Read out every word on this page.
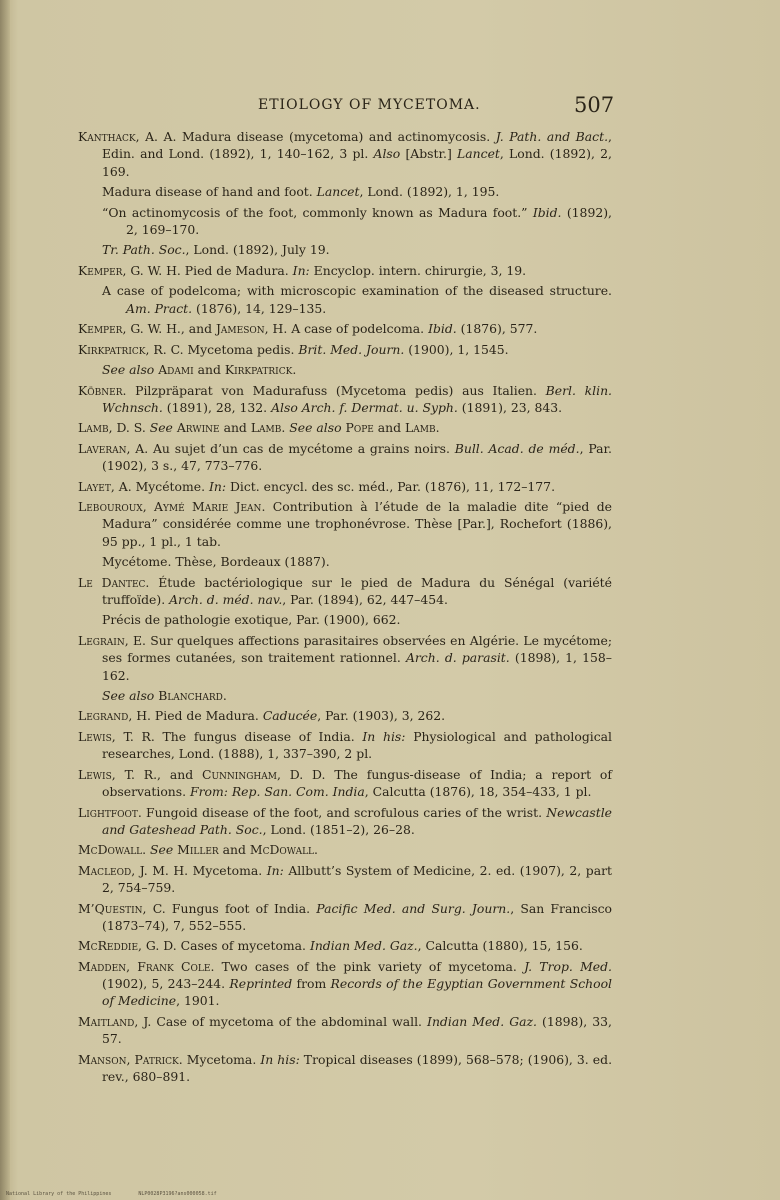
ETIOLOGY OF MYCETOMA.	507

Kanthack, A. A. Madura disease (mycetoma) and actinomycosis. J. Path. and Bact., Edin. and Lond. (1892), 1, 140–162, 3 pl. Also [Abstr.] Lancet, Lond. (1892), 2, 169.

Madura disease of hand and foot. Lancet, Lond. (1892), 1, 195.

“On actinomycosis of the foot, commonly known as Madura foot.” Ibid. (1892), 2, 169–170.

Tr. Path. Soc., Lond. (1892), July 19.

Kemper, G. W. H. Pied de Madura. In: Encyclop. intern. chirurgie, 3, 19.

A case of podelcoma; with microscopic examination of the diseased structure. Am. Pract. (1876), 14, 129–135.

Kemper, G. W. H., and Jameson, H. A case of podelcoma. Ibid. (1876), 577.

Kirkpatrick, R. C. Mycetoma pedis. Brit. Med. Journ. (1900), 1, 1545.

See also Adami and Kirkpatrick.

Köbner. Pilzpräparat von Madurafuss (Mycetoma pedis) aus Italien. Berl. klin. Wchnsch. (1891), 28, 132. Also Arch. f. Dermat. u. Syph. (1891), 23, 843.

Lamb, D. S. See Arwine and Lamb. See also Pope and Lamb.

Laveran, A. Au sujet d’un cas de mycétome a grains noirs. Bull. Acad. de méd., Par. (1902), 3 s., 47, 773–776.

Layet, A. Mycétome. In: Dict. encycl. des sc. méd., Par. (1876), 11, 172–177.

Lebouroux, Aymé Marie Jean. Contribution à l’étude de la maladie dite “pied de Madura” considérée comme une trophonévrose. Thèse [Par.], Rochefort (1886), 95 pp., 1 pl., 1 tab.

Mycétome. Thèse, Bordeaux (1887).

Le Dantec. Étude bactériologique sur le pied de Madura du Sénégal (variété truffoïde). Arch. d. méd. nav., Par. (1894), 62, 447–454.

Précis de pathologie exotique, Par. (1900), 662.

Legrain, E. Sur quelques affections parasitaires observées en Algérie. Le mycétome; ses formes cutanées, son traitement rationnel. Arch. d. parasit. (1898), 1, 158–162.

See also Blanchard.

Legrand, H. Pied de Madura. Caducée, Par. (1903), 3, 262.

Lewis, T. R. The fungus disease of India. In his: Physiological and pathological researches, Lond. (1888), 1, 337–390, 2 pl.

Lewis, T. R., and Cunningham, D. D. The fungus-disease of India; a report of observations. From: Rep. San. Com. India, Calcutta (1876), 18, 354–433, 1 pl.

Lightfoot. Fungoid disease of the foot, and scrofulous caries of the wrist. Newcastle and Gateshead Path. Soc., Lond. (1851–2), 26–28.

McDowall. See Miller and McDowall.

Macleod, J. M. H. Mycetoma. In: Allbutt’s System of Medicine, 2. ed. (1907), 2, part 2, 754–759.

M’Questin, C. Fungus foot of India. Pacific Med. and Surg. Journ., San Francisco (1873–74), 7, 552–555.

McReddie, G. D. Cases of mycetoma. Indian Med. Gaz., Calcutta (1880), 15, 156.

Madden, Frank Cole. Two cases of the pink variety of mycetoma. J. Trop. Med. (1902), 5, 243–244. Reprinted from Records of the Egyptian Government School of Medicine, 1901.

Maitland, J. Case of mycetoma of the abdominal wall. Indian Med. Gaz. (1898), 33, 57.

Manson, Patrick. Mycetoma. In his: Tropical diseases (1899), 568–578; (1906), 3. ed. rev., 680–891.

National Library of the Philippines	NLP0028P3196?ans000058.tif
